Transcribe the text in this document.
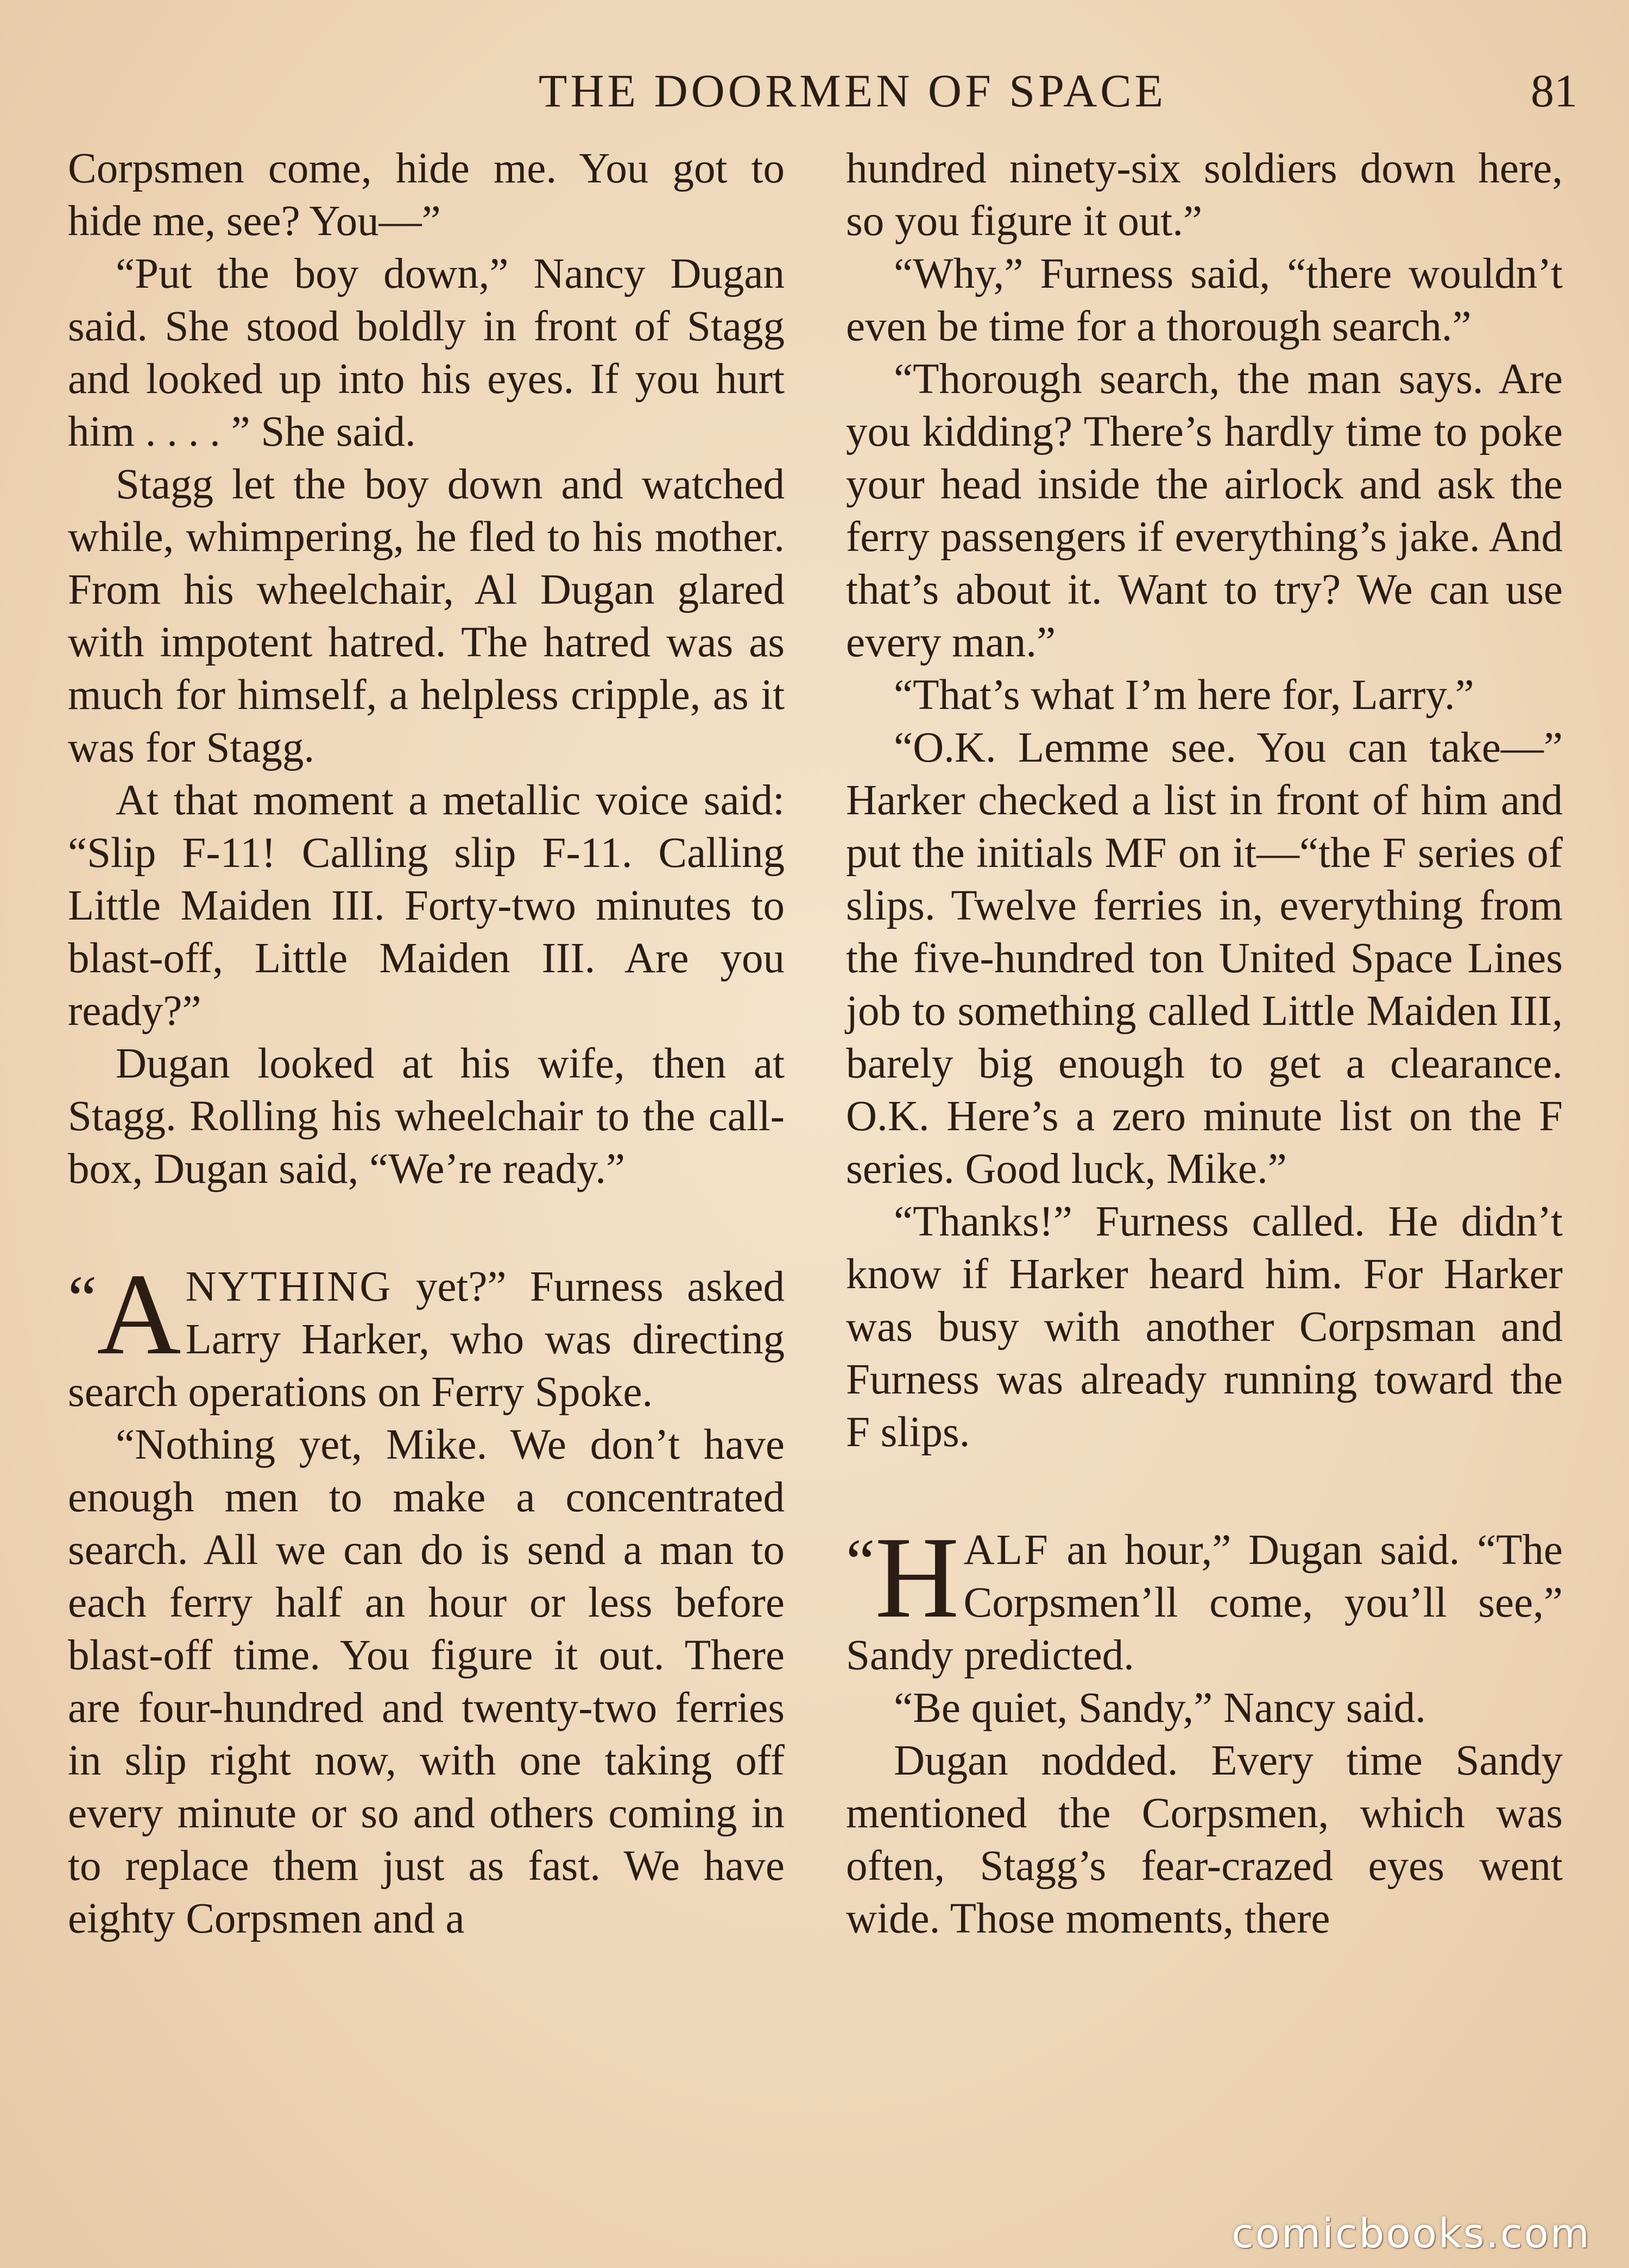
THE DOORMEN OF SPACE	81

Corpsmen come, hide me. You got to hide me, see? You—”

“Put the boy down,” Nancy Dugan said. She stood boldly in front of Stagg and looked up into his eyes. If you hurt him . . . . ” She said.

Stagg let the boy down and watched while, whimpering, he fled to his mother. From his wheelchair, Al Dugan glared with impotent hatred. The hatred was as much for himself, a helpless cripple, as it was for Stagg.

At that moment a metallic voice said: “Slip F-11! Calling slip F-11. Calling Little Maiden III. Forty-two minutes to blast-off, Little Maiden III. Are you ready?”

Dugan looked at his wife, then at Stagg. Rolling his wheelchair to the call-box, Dugan said, “We’re ready.”

“ A NYTHING yet?” Furness asked Larry Harker, who was directing search operations on Ferry Spoke.

“Nothing yet, Mike. We don’t have enough men to make a concentrated search. All we can do is send a man to each ferry half an hour or less before blast-off time. You figure it out. There are four-hundred and twenty-two ferries in slip right now, with one taking off every minute or so and others coming in to replace them just as fast. We have eighty Corpsmen and a

hundred ninety-six soldiers down here, so you figure it out.”

“Why,” Furness said, “there wouldn’t even be time for a thorough search.”

“Thorough search, the man says. Are you kidding? There’s hardly time to poke your head inside the airlock and ask the ferry passengers if everything’s jake. And that’s about it. Want to try? We can use every man.”

“That’s what I’m here for, Larry.”

“O.K. Lemme see. You can take—” Harker checked a list in front of him and put the initials MF on it—“the F series of slips. Twelve ferries in, everything from the five-hundred ton United Space Lines job to something called Little Maiden III, barely big enough to get a clearance. O.K. Here’s a zero minute list on the F series. Good luck, Mike.”

“Thanks!” Furness called. He didn’t know if Harker heard him. For Harker was busy with another Corpsman and Furness was already running toward the F slips.

“ H ALF an hour,” Dugan said. “The Corpsmen’ll come, you’ll see,” Sandy predicted.

“Be quiet, Sandy,” Nancy said.

Dugan nodded. Every time Sandy mentioned the Corpsmen, which was often, Stagg’s fear-crazed eyes went wide. Those moments, there

comicbooks.com
